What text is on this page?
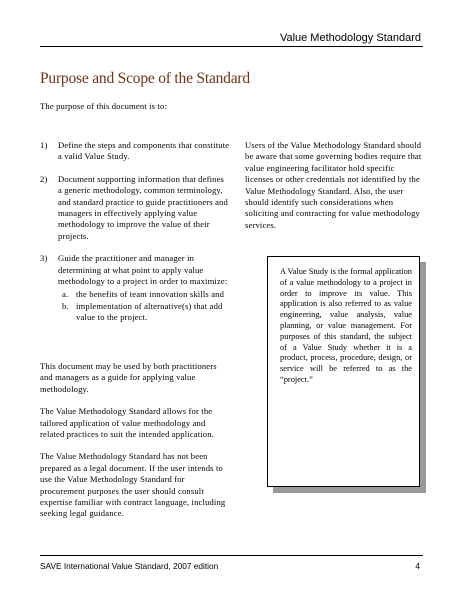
Value Methodology Standard
Purpose and Scope of the Standard

The purpose of this document is to:

1) Define the steps and components that constitute a valid Value Study.
2) Document supporting information that defines a generic methodology, common terminology, and standard practice to guide practitioners and managers in effectively applying value methodology to improve the value of their projects.
3) Guide the practitioner and manager in determining at what point to apply value methodology to a project in order to maximize:
a. the benefits of team innovation skills and
b. implementation of alternative(s) that add value to the project.

This document may be used by both practitioners and managers as a guide for applying value methodology.

The Value Methodology Standard allows for the tailored application of value methodology and related practices to suit the intended application.

The Value Methodology Standard has not been prepared as a legal document. If the user intends to use the Value Methodology Standard for procurement purposes the user should consult expertise familiar with contract language, including seeking legal guidance.

Users of the Value Methodology Standard should be aware that some governing bodies require that value engineering facilitator hold specific licenses or other credentials not identified by the Value Methodology Standard. Also, the user should identify such considerations when soliciting and contracting for value methodology services.

A Value Study is the formal application of a value methodology to a project in order to improve its value. This application is also referred to as value engineering, value analysis, value planning, or value management. For purposes of this standard, the subject of a Value Study whether it is a product, process, procedure, design, or service will be referred to as the “project.”

SAVE International Value Standard, 2007 edition	4
